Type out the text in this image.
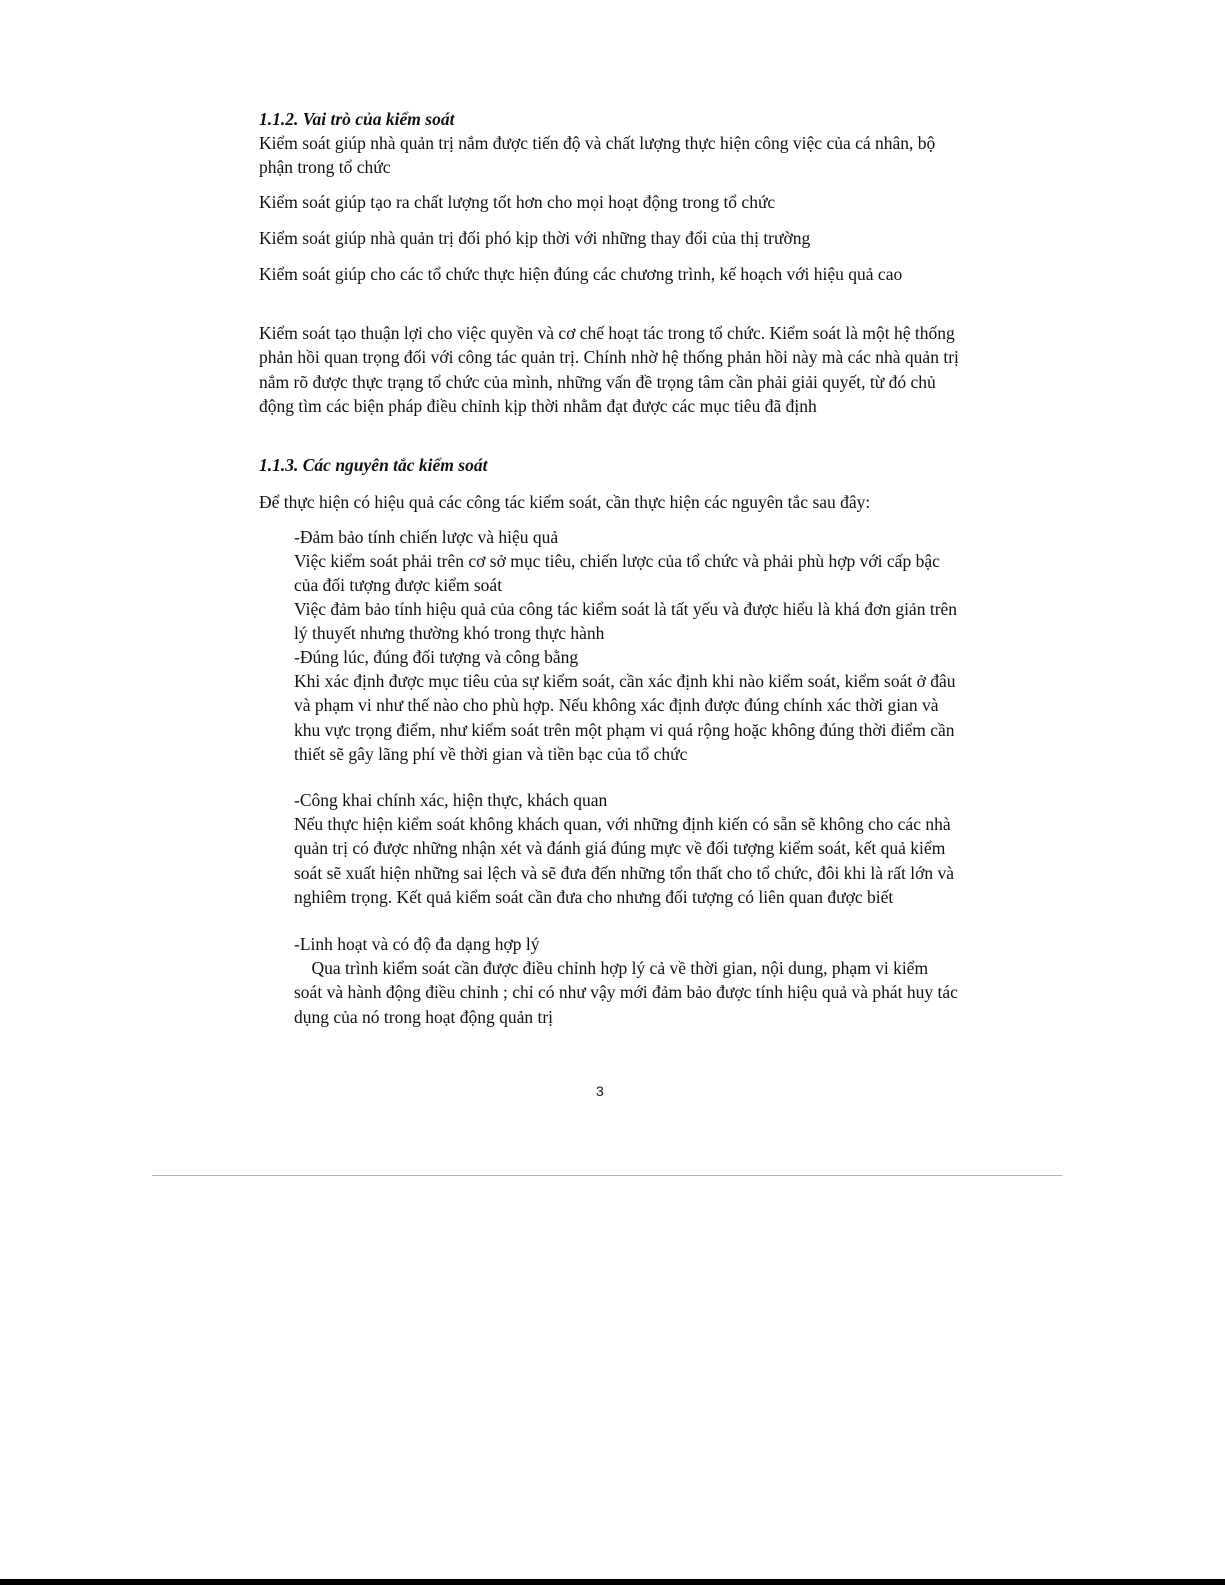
1.1.2. Vai trò của kiểm soát
Kiểm soát giúp nhà quản trị nắm được tiến độ và chất lượng thực hiện công việc của cá nhân, bộ phận trong tổ chức
Kiểm soát giúp tạo ra chất lượng tốt hơn cho mọi hoạt động trong tổ chức
Kiểm soát giúp nhà quản trị đối phó kịp thời với những thay đổi của thị trường
Kiểm soát giúp cho các tổ chức thực hiện đúng các chương trình, kế hoạch với hiệu quả cao
Kiểm soát tạo thuận lợi cho việc quyền và cơ chế hoạt tác trong tổ chức. Kiểm soát là một hệ thống phản hồi quan trọng đối với công tác quản trị. Chính nhờ hệ thống phản hồi này mà các nhà quản trị nắm rõ được thực trạng tổ chức của mình, những vấn đề trọng tâm cần phải giải quyết, từ đó chủ động tìm các biện pháp điều chỉnh kịp thời nhằm đạt được các mục tiêu đã định
1.1.3. Các nguyên tắc kiểm soát
Để thực hiện có hiệu quả các công tác kiểm soát, cần thực hiện các nguyên tắc sau đây:
-Đảm bảo tính chiến lược và hiệu quả
Việc kiểm soát phải trên cơ sở mục tiêu, chiến lược của tổ chức và phải phù hợp với cấp bậc của đối tượng được kiểm soát
Việc đảm bảo tính hiệu quả của công tác kiểm soát là tất yếu và được hiểu là khá đơn giản trên lý thuyết nhưng thường khó trong thực hành
-Đúng lúc, đúng đối tượng và công bằng
Khi xác định được mục tiêu của sự kiểm soát, cần xác định khi nào kiểm soát, kiểm soát ở đâu và phạm vi như thế nào cho phù hợp. Nếu không xác định được đúng chính xác thời gian và khu vực trọng điểm, như kiểm soát trên một phạm vi quá rộng hoặc không đúng thời điểm cần thiết sẽ gây lãng phí về thời gian và tiền bạc của tổ chức
-Công khai chính xác, hiện thực, khách quan
Nếu thực hiện kiểm soát không khách quan, với những định kiến có sẵn sẽ không cho các nhà quản trị có được những nhận xét và đánh giá đúng mực về đối tượng kiểm soát, kết quả kiểm soát sẽ xuất hiện những sai lệch và sẽ đưa đến những tổn thất cho tổ chức, đôi khi là rất lớn và nghiêm trọng. Kết quả kiểm soát cần đưa cho nhưng đối tượng có liên quan được biết
-Linh hoạt và có độ đa dạng hợp lý
Qua trình kiểm soát cần được điều chỉnh hợp lý cả về thời gian, nội dung, phạm vi kiểm soát và hành động điều chỉnh ; chỉ có như vậy mới đảm bảo được tính hiệu quả và phát huy tác dụng của nó trong hoạt động quản trị
3
